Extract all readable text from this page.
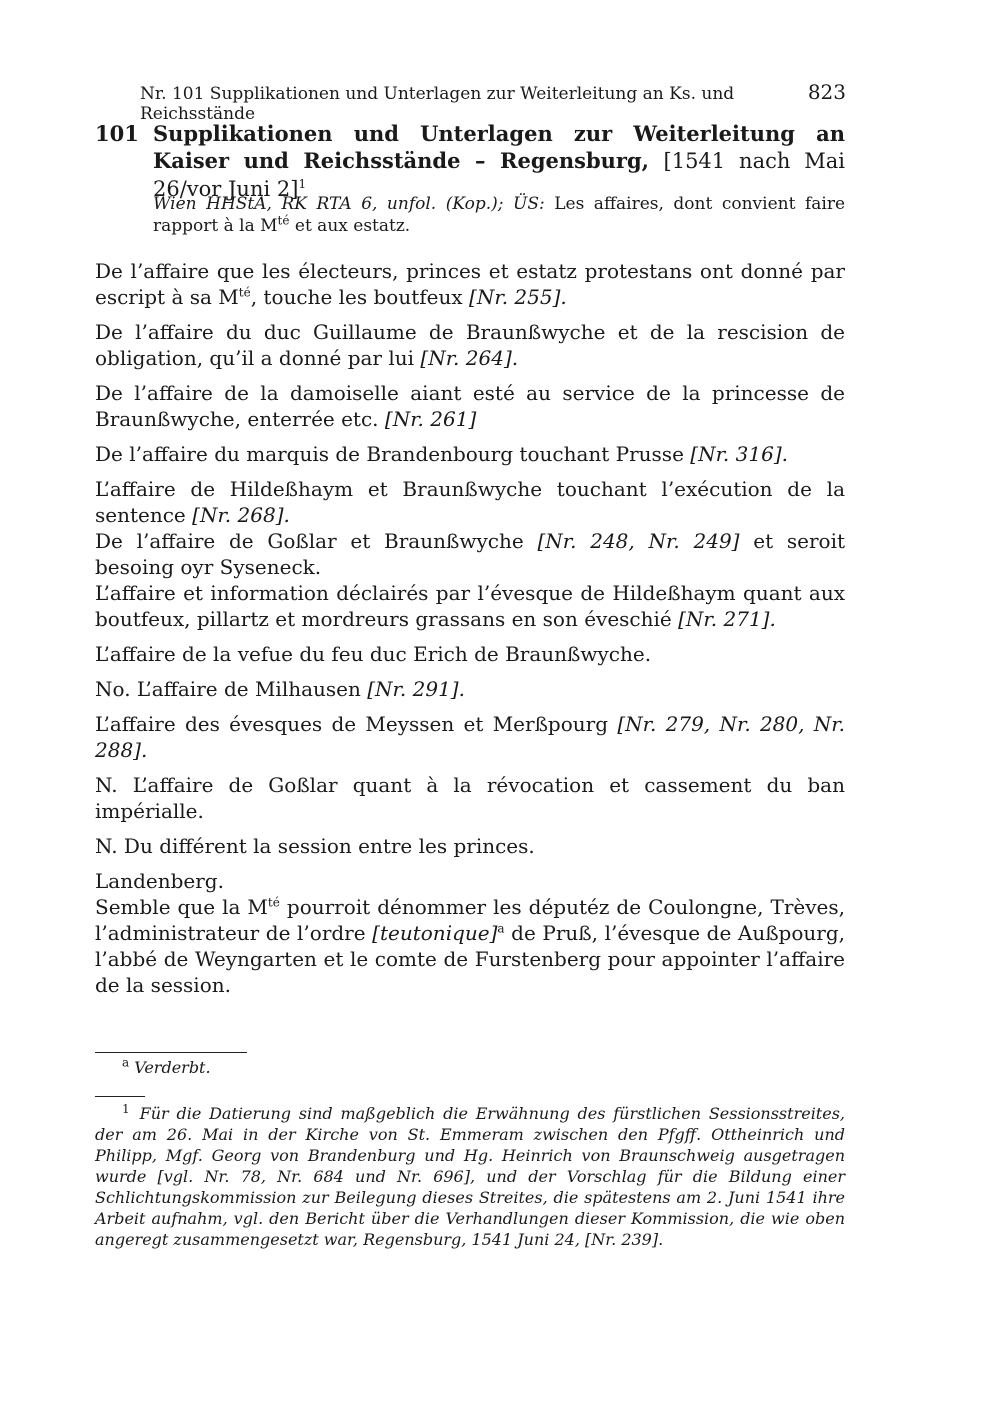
Nr. 101 Supplikationen und Unterlagen zur Weiterleitung an Ks. und Reichsstände
823
101 Supplikationen und Unterlagen zur Weiterleitung an Kaiser und Reichsstände – Regensburg, [1541 nach Mai 26/vor Juni 2]$^1$
Wien HHStA, RK RTA 6, unfol. (Kop.); ÜS: Les affaires, dont convient faire rapport à la $M^{té}$ et aux estatz.

De l’affaire que les électeurs, princes et estatz protestans ont donné par escript à sa $M^{té}$, touche les boutfeux [Nr. 255].

De l’affaire du duc Guillaume de Braunßwyche et de la rescision de obligation, qu’il a donné par lui [Nr. 264].

De l’affaire de la damoiselle aiant esté au service de la princesse de Braunßwyche, enterrée etc. [Nr. 261]

De l’affaire du marquis de Brandenbourg touchant Prusse [Nr. 316].

L’affaire de Hildeßhaym et Braunßwyche touchant l’exécution de la sentence [Nr. 268].

De l’affaire de Goßlar et Braunßwyche [Nr. 248, Nr. 249] et seroit besoing oyr Syseneck.

L’affaire et information déclairés par l’évesque de Hildeßhaym quant aux boutfeux, pillartz et mordreurs grassans en son éveschié [Nr. 271].

L’affaire de la vefue du feu duc Erich de Braunßwyche.

No. L’affaire de Milhausen [Nr. 291].

L’affaire des évesques de Meyssen et Merßpourg [Nr. 279, Nr. 280, Nr. 288].

N. L’affaire de Goßlar quant à la révocation et cassement du ban impérialle.

N. Du différent la session entre les princes.

Landenberg.

Semble que la $M^{té}$ pourroit dénommer les députéz de Coulongne, Trèves, l’administrateur de l’ordre [teutonique]$^a$ de Pruß, l’évesque de Außpourg, l’abbé de Weyngarten et le comte de Furstenberg pour appointer l’affaire de la session.

$^a$ Verderbt.
$^1$ Für die Datierung sind maßgeblich die Erwähnung des fürstlichen Sessionsstreites, der am 26. Mai in der Kirche von St. Emmeram zwischen den Pfgff. Ottheinrich und Philipp, Mgf. Georg von Brandenburg und Hg. Heinrich von Braunschweig ausgetragen wurde [vgl. Nr. 78, Nr. 684 und Nr. 696], und der Vorschlag für die Bildung einer Schlichtungskommission zur Beilegung dieses Streites, die spätestens am 2. Juni 1541 ihre Arbeit aufnahm, vgl. den Bericht über die Verhandlungen dieser Kommission, die wie oben angeregt zusammengesetzt war, Regensburg, 1541 Juni 24, [Nr. 239].
